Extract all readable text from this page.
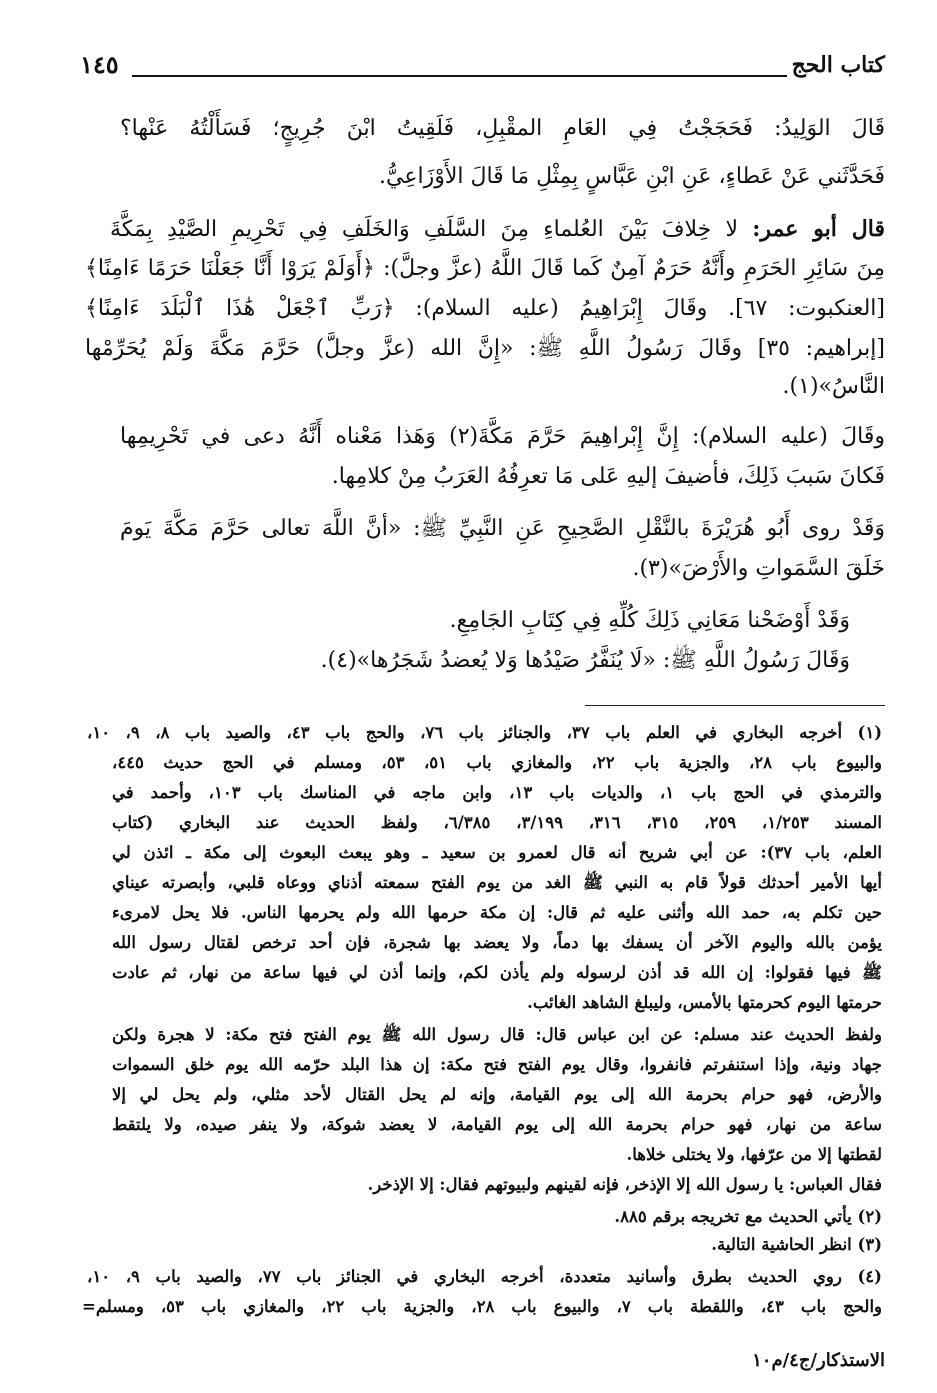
كتاب الحج
١٤٥
قَالَ الوَلِيدُ: فَحَجَجْتُ فِي العَامِ المقْبِلِ، فَلَقِيتُ ابْنَ جُرِيجٍ؛ فَسَأَلْتُهُ عَنْها؟
فَحَدَّثَني عَنْ عَطاءٍ، عَنِ ابْنِ عَبَّاسٍ بِمِثْلِ مَا قَالَ الأَوْزَاعِيُّ.
قال أبو عمر: لا خِلافَ بَيْنَ العُلماءِ مِنَ السَّلَفِ وَالخَلَفِ فِي تَحْرِيمِ الصَّيْدِ بِمَكَّةَ
مِنَ سَائِرِ الحَرَمِ وأَنَّهُ حَرَمٌ آمِنٌ كَما قَالَ اللَّهُ (عزَّ وجلَّ): ﴿أَوَلَمْ يَرَوْا أَنَّا جَعَلْنَا حَرَمًا ءَامِنًا﴾
[العنكبوت: ٦٧]. وقَالَ إِبْرَاهِيمُ (عليه السلام): ﴿رَبِّ ٱجْعَلْ هَٰذَا ٱلْبَلَدَ ءَامِنًا﴾
[إبراهيم: ٣٥] وقَالَ رَسُولُ اللَّهِ ﷺ: «إِنَّ الله (عزَّ وجلَّ) حَرَّمَ مَكَّةَ وَلَمْ يُحَرِّمْها
النَّاسُ»(١).
وقَالَ (عليه السلام): إِنَّ إِبْراهِيمَ حَرَّمَ مَكَّةَ(٢) وَهَذا مَعْناه أَنَّهُ دعى في تَحْرِيمِها
فَكانَ سَببَ ذَلِكَ، فأضيفَ إليهِ عَلى مَا تعرِفُهُ العَرَبُ مِنْ كلامِها.
وَقَدْ روى أَبُو هُرَيْرَةَ بالنَّقْلِ الصَّحِيحِ عَنِ النَّبِيِّ ﷺ: «أنَّ اللَّهَ تعالى حَرَّمَ مَكَّةَ يَومَ
خَلَقَ السَّمَواتِ والأَرْضَ»(٣).
وَقَدْ أَوْضَحْنا مَعَانِي ذَلِكَ كُلِّهِ فِي كِتَابِ الجَامِعِ.
وَقَالَ رَسُولُ اللَّهِ ﷺ: «لَا يُنَفَّرُ صَيْدُها وَلا يُعضدُ شَجَرُها»(٤).
(١) أخرجه البخاري في العلم باب ٣٧، والجنائز باب ٧٦، والحج باب ٤٣، والصيد باب ٨، ٩، ١٠،
والبيوع باب ٢٨، والجزية باب ٢٢، والمغازي باب ٥١، ٥٣، ومسلم في الحج حديث ٤٤٥،
والترمذي في الحج باب ١، والديات باب ١٣، وابن ماجه في المناسك باب ١٠٣، وأحمد في
المسند ١/٢٥٣، ٢٥٩، ٣١٥، ٣١٦، ٣/١٩٩، ٦/٣٨٥، ولفظ الحديث عند البخاري (كتاب
العلم، باب ٣٧): عن أبي شريح أنه قال لعمرو بن سعيد ـ وهو يبعث البعوث إلى مكة ـ ائذن لي
أيها الأمير أحدثك قولاً قام به النبي ﷺ الغد من يوم الفتح سمعته أذناي ووعاه قلبي، وأبصرته عيناي
حين تكلم به، حمد الله وأثنى عليه ثم قال: إن مكة حرمها الله ولم يحرمها الناس. فلا يحل لامرىء
يؤمن بالله واليوم الآخر أن يسفك بها دماً، ولا يعضد بها شجرة، فإن أحد ترخص لقتال رسول الله
ﷺ فيها فقولوا: إن الله قد أذن لرسوله ولم يأذن لكم، وإنما أذن لي فيها ساعة من نهار، ثم عادت
حرمتها اليوم كحرمتها بالأمس، وليبلغ الشاهد الغائب.
ولفظ الحديث عند مسلم: عن ابن عباس قال: قال رسول الله ﷺ يوم الفتح فتح مكة: لا هجرة ولكن
جهاد ونية، وإذا استنفرتم فانفروا، وقال يوم الفتح فتح مكة: إن هذا البلد حرّمه الله يوم خلق السموات
والأرض، فهو حرام بحرمة الله إلى يوم القيامة، وإنه لم يحل القتال لأحد مثلي، ولم يحل لي إلا
ساعة من نهار، فهو حرام بحرمة الله إلى يوم القيامة، لا يعضد شوكة، ولا ينفر صيده، ولا يلتقط
لقطتها إلا من عرّفها، ولا يختلى خلاها.
فقال العباس: يا رسول الله إلا الإذخر، فإنه لقينهم ولبيوتهم فقال: إلا الإذخر.
(٢) يأتي الحديث مع تخريجه برقم ٨٨٥.
(٣) انظر الحاشية التالية.
(٤) روي الحديث بطرق وأسانيد متعددة، أخرجه البخاري في الجنائز باب ٧٧، والصيد باب ٩، ١٠،
والحج باب ٤٣، واللقطة باب ٧، والبيوع باب ٢٨، والجزية باب ٢٢، والمغازي باب ٥٣، ومسلم=
الاستذكار/ج٤/م١٠
